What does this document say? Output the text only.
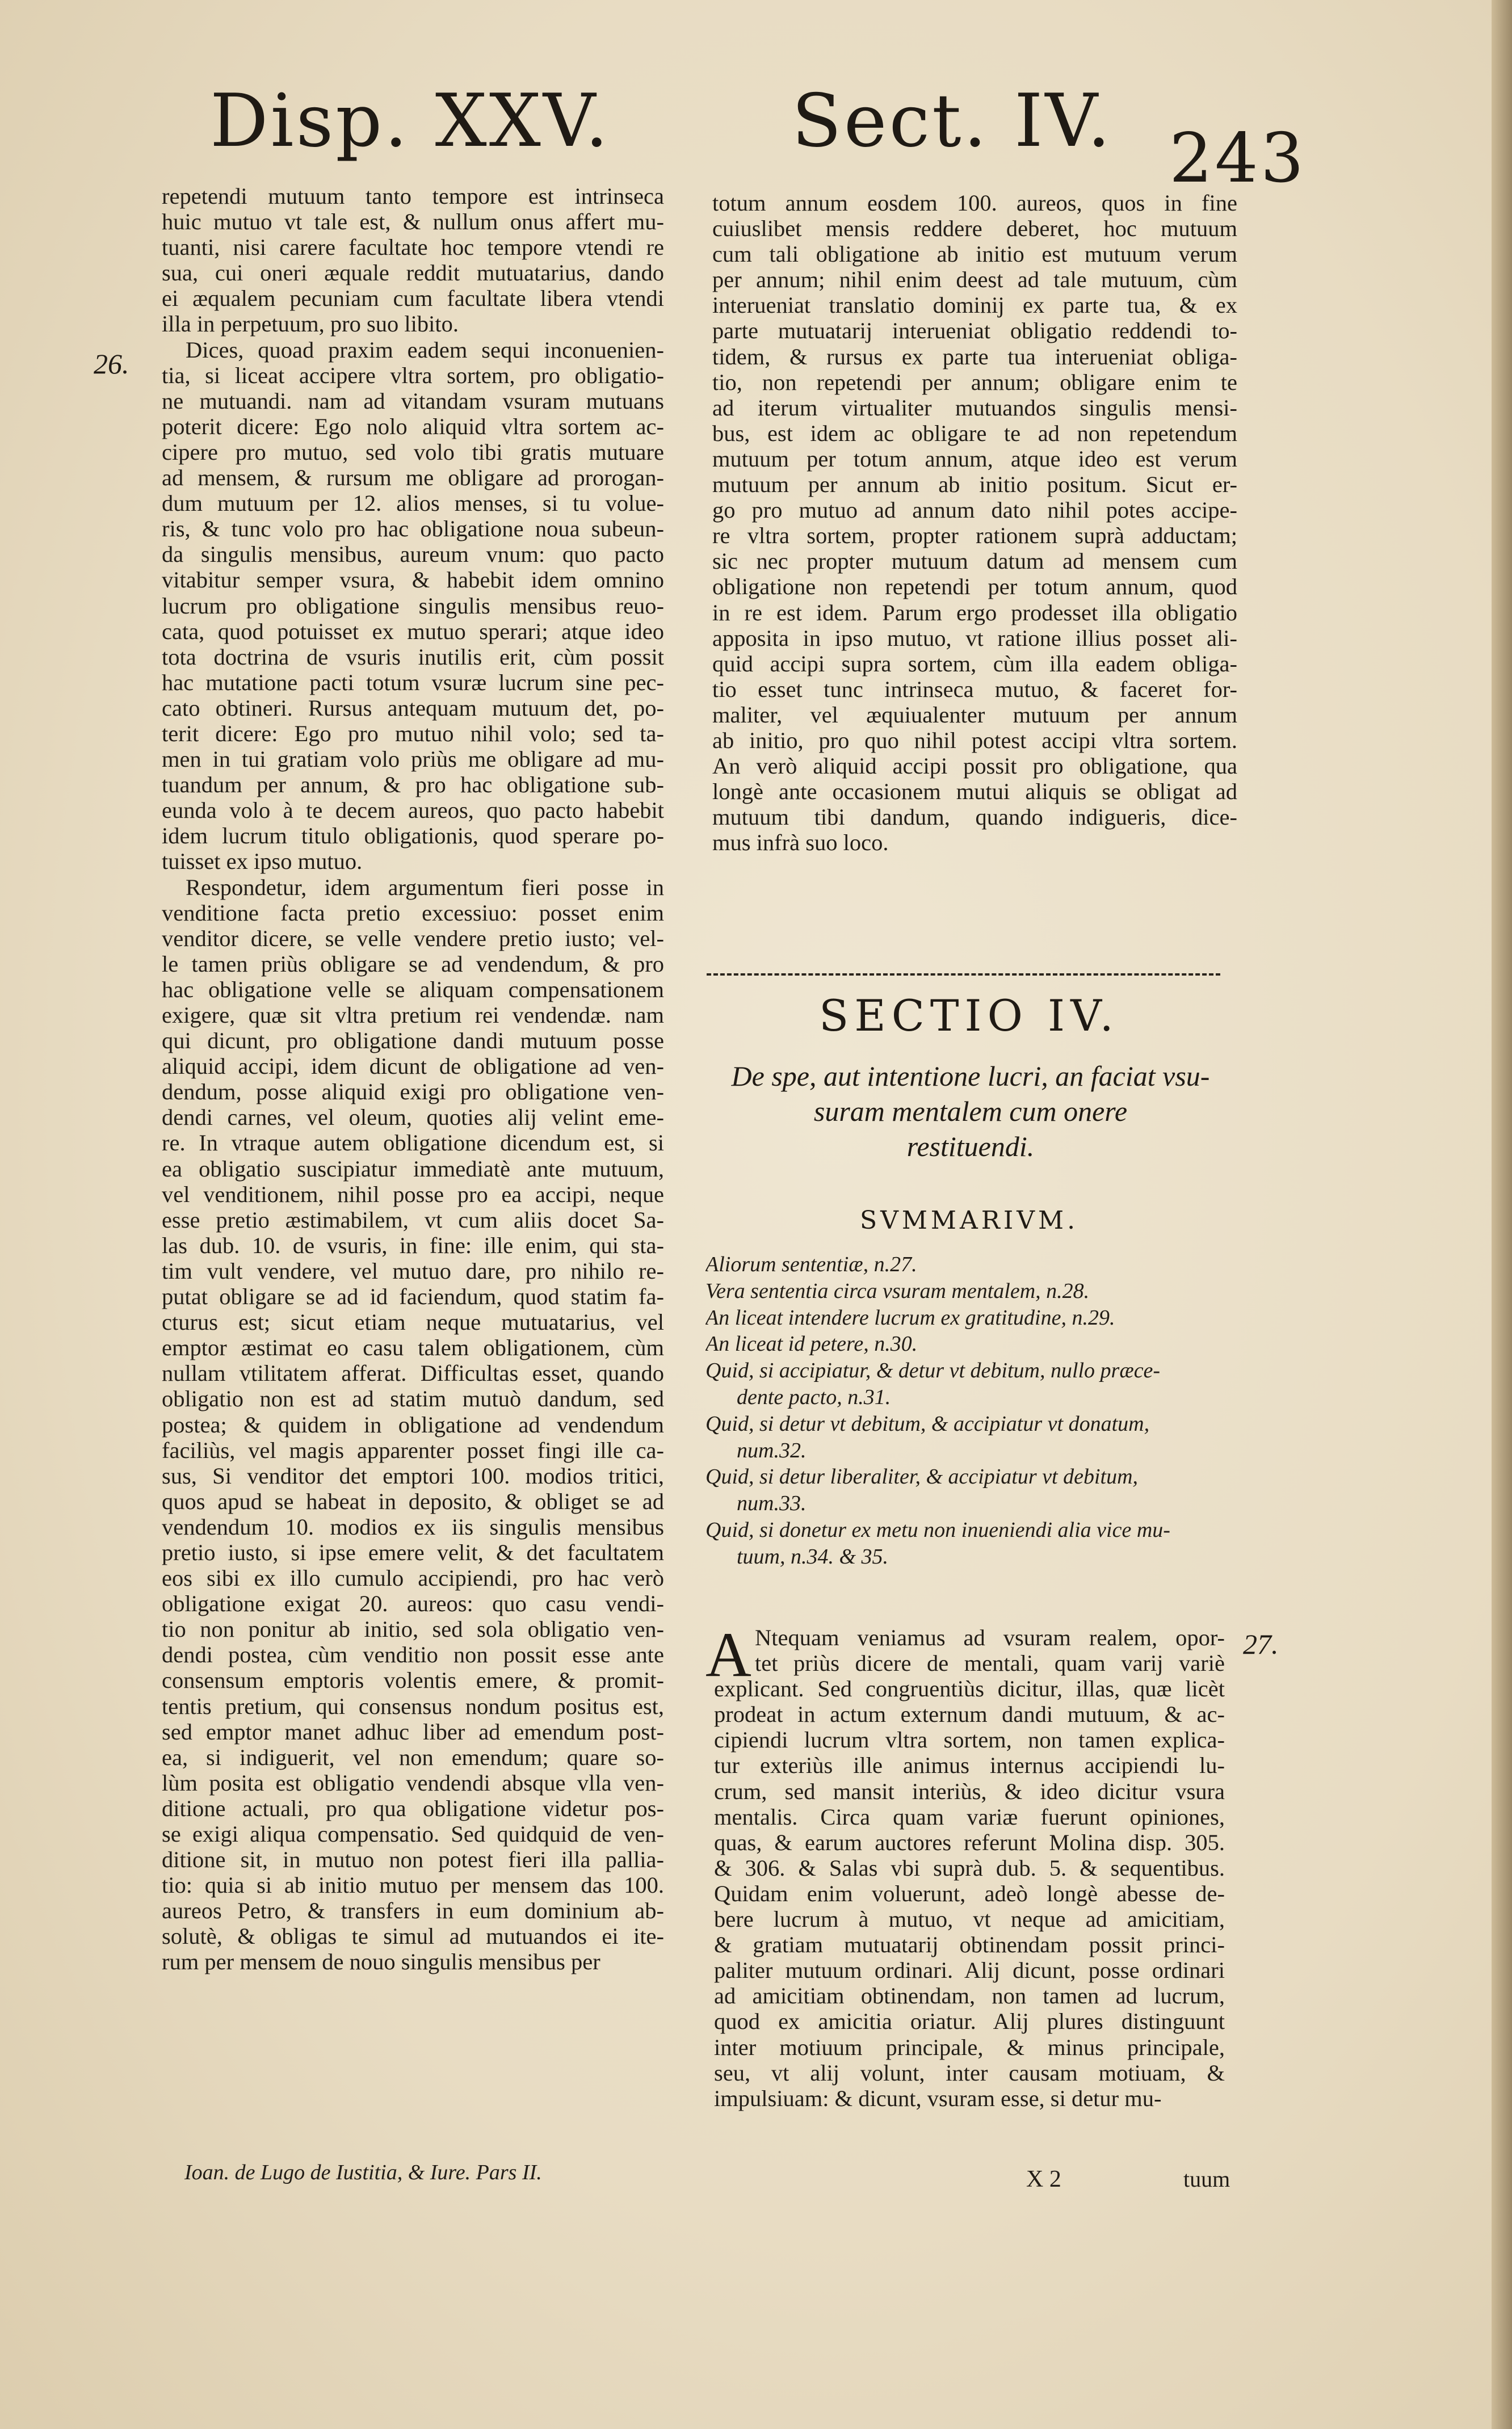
Disp. XXV. Sect. IV. 243
26.
27.
repetendi mutuum tanto tempore est intrinseca
huic mutuo vt tale est, & nullum onus affert mu-
tuanti, nisi carere facultate hoc tempore vtendi re
sua, cui oneri æquale reddit mutuatarius, dando
ei æqualem pecuniam cum facultate libera vtendi
illa in perpetuum, pro suo libito.
Dices, quoad praxim eadem sequi inconuenien-
tia, si liceat accipere vltra sortem, pro obligatio-
ne mutuandi. nam ad vitandam vsuram mutuans
poterit dicere: Ego nolo aliquid vltra sortem ac-
cipere pro mutuo, sed volo tibi gratis mutuare
ad mensem, & rursum me obligare ad prorogan-
dum mutuum per 12. alios menses, si tu volue-
ris, & tunc volo pro hac obligatione noua subeun-
da singulis mensibus, aureum vnum: quo pacto
vitabitur semper vsura, & habebit idem omnino
lucrum pro obligatione singulis mensibus reuo-
cata, quod potuisset ex mutuo sperari; atque ideo
tota doctrina de vsuris inutilis erit, cùm possit
hac mutatione pacti totum vsuræ lucrum sine pec-
cato obtineri. Rursus antequam mutuum det, po-
terit dicere: Ego pro mutuo nihil volo; sed ta-
men in tui gratiam volo priùs me obligare ad mu-
tuandum per annum, & pro hac obligatione sub-
eunda volo à te decem aureos, quo pacto habebit
idem lucrum titulo obligationis, quod sperare po-
tuisset ex ipso mutuo.
Respondetur, idem argumentum fieri posse in
venditione facta pretio excessiuo: posset enim
venditor dicere, se velle vendere pretio iusto; vel-
le tamen priùs obligare se ad vendendum, & pro
hac obligatione velle se aliquam compensationem
exigere, quæ sit vltra pretium rei vendendæ. nam
qui dicunt, pro obligatione dandi mutuum posse
aliquid accipi, idem dicunt de obligatione ad ven-
dendum, posse aliquid exigi pro obligatione ven-
dendi carnes, vel oleum, quoties alij velint eme-
re. In vtraque autem obligatione dicendum est, si
ea obligatio suscipiatur immediatè ante mutuum,
vel venditionem, nihil posse pro ea accipi, neque
esse pretio æstimabilem, vt cum aliis docet Sa-
las dub. 10. de vsuris, in fine: ille enim, qui sta-
tim vult vendere, vel mutuo dare, pro nihilo re-
putat obligare se ad id faciendum, quod statim fa-
cturus est; sicut etiam neque mutuatarius, vel
emptor æstimat eo casu talem obligationem, cùm
nullam vtilitatem afferat. Difficultas esset, quando
obligatio non est ad statim mutuò dandum, sed
postea; & quidem in obligatione ad vendendum
faciliùs, vel magis apparenter posset fingi ille ca-
sus, Si venditor det emptori 100. modios tritici,
quos apud se habeat in deposito, & obliget se ad
vendendum 10. modios ex iis singulis mensibus
pretio iusto, si ipse emere velit, & det facultatem
eos sibi ex illo cumulo accipiendi, pro hac verò
obligatione exigat 20. aureos: quo casu vendi-
tio non ponitur ab initio, sed sola obligatio ven-
dendi postea, cùm venditio non possit esse ante
consensum emptoris volentis emere, & promit-
tentis pretium, qui consensus nondum positus est,
sed emptor manet adhuc liber ad emendum post-
ea, si indiguerit, vel non emendum; quare so-
lùm posita est obligatio vendendi absque vlla ven-
ditione actuali, pro qua obligatione videtur pos-
se exigi aliqua compensatio. Sed quidquid de ven-
ditione sit, in mutuo non potest fieri illa pallia-
tio: quia si ab initio mutuo per mensem das 100.
aureos Petro, & transfers in eum dominium ab-
solutè, & obligas te simul ad mutuandos ei ite-
rum per mensem de nouo singulis mensibus per
totum annum eosdem 100. aureos, quos in fine
cuiuslibet mensis reddere deberet, hoc mutuum
cum tali obligatione ab initio est mutuum verum
per annum; nihil enim deest ad tale mutuum, cùm
interueniat translatio dominij ex parte tua, & ex
parte mutuatarij interueniat obligatio reddendi to-
tidem, & rursus ex parte tua interueniat obliga-
tio, non repetendi per annum; obligare enim te
ad iterum virtualiter mutuandos singulis mensi-
bus, est idem ac obligare te ad non repetendum
mutuum per totum annum, atque ideo est verum
mutuum per annum ab initio positum. Sicut er-
go pro mutuo ad annum dato nihil potes accipe-
re vltra sortem, propter rationem suprà adductam;
sic nec propter mutuum datum ad mensem cum
obligatione non repetendi per totum annum, quod
in re est idem. Parum ergo prodesset illa obligatio
apposita in ipso mutuo, vt ratione illius posset ali-
quid accipi supra sortem, cùm illa eadem obliga-
tio esset tunc intrinseca mutuo, & faceret for-
maliter, vel æquiualenter mutuum per annum
ab initio, pro quo nihil potest accipi vltra sortem.
An verò aliquid accipi possit pro obligatione, qua
longè ante occasionem mutui aliquis se obligat ad
mutuum tibi dandum, quando indigueris, dice-
mus infrà suo loco.
SECTIO IV.
De spe, aut intentione lucri, an faciat vsu-
suram mentalem cum onere
restituendi.
SVMMARIVM.
Aliorum sententiæ, n.27.
Vera sententia circa vsuram mentalem, n.28.
An liceat intendere lucrum ex gratitudine, n.29.
An liceat id petere, n.30.
Quid, si accipiatur, & detur vt debitum, nullo præce-
dente pacto, n.31.
Quid, si detur vt debitum, & accipiatur vt donatum,
num.32.
Quid, si detur liberaliter, & accipiatur vt debitum,
num.33.
Quid, si donetur ex metu non inueniendi alia vice mu-
tuum, n.34. & 35.
A Ntequam veniamus ad vsuram realem, opor-
tet priùs dicere de mentali, quam varij variè
explicant. Sed congruentiùs dicitur, illas, quæ licèt
prodeat in actum externum dandi mutuum, & ac-
cipiendi lucrum vltra sortem, non tamen explica-
tur exteriùs ille animus internus accipiendi lu-
crum, sed mansit interiùs, & ideo dicitur vsura
mentalis. Circa quam variæ fuerunt opiniones,
quas, & earum auctores referunt Molina disp. 305.
& 306. & Salas vbi suprà dub. 5. & sequentibus.
Quidam enim voluerunt, adeò longè abesse de-
bere lucrum à mutuo, vt neque ad amicitiam,
& gratiam mutuatarij obtinendam possit princi-
paliter mutuum ordinari. Alij dicunt, posse ordinari
ad amicitiam obtinendam, non tamen ad lucrum,
quod ex amicitia oriatur. Alij plures distinguunt
inter motiuum principale, & minus principale,
seu, vt alij volunt, inter causam motiuam, &
impulsiuam: & dicunt, vsuram esse, si detur mu-
Ioan. de Lugo de Iustitia, & Iure. Pars II.	X 2	tuum
